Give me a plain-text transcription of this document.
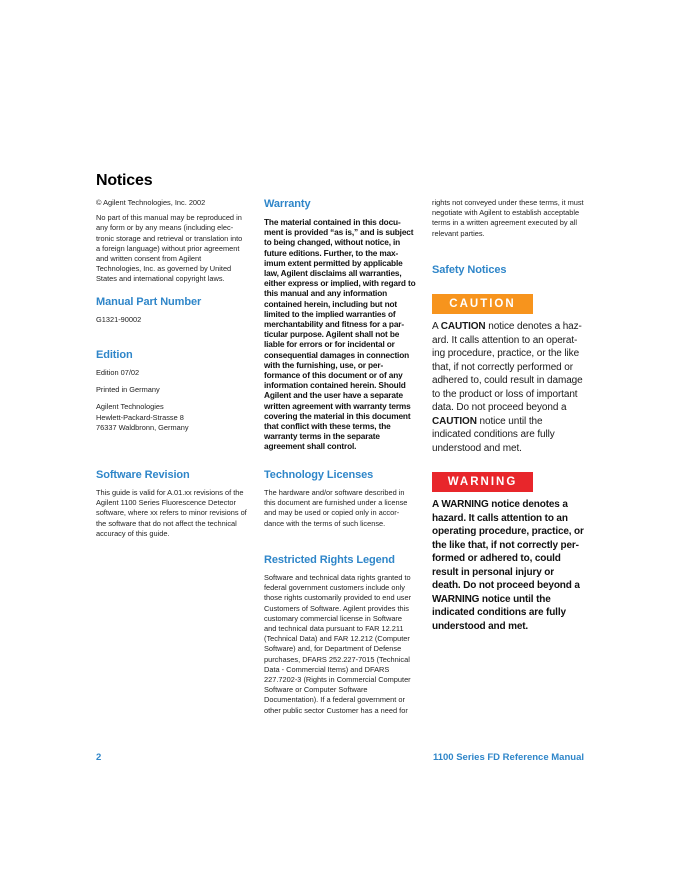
Notices

© Agilent Technologies, Inc. 2002

No part of this manual may be reproduced in any form or by any means (including electronic storage and retrieval or translation into a foreign language) without prior agreement and written consent from Agilent Technologies, Inc. as governed by United States and international copyright laws.

Manual Part Number

G1321-90002

Edition

Edition 07/02

Printed in Germany

Agilent Technologies

Hewlett-Packard-Strasse 8

76337 Waldbronn, Germany

Software Revision

This guide is valid for A.01.xx revisions of the Agilent 1100 Series Fluorescence Detector software, where xx refers to minor revisions of the software that do not affect the technical accuracy of this guide.

Warranty

The material contained in this document is provided “as is,” and is subject to being changed, without notice, in future editions. Further, to the maximum extent permitted by applicable law, Agilent disclaims all warranties, either express or implied, with regard to this manual and any information contained herein, including but not limited to the implied warranties of merchantability and fitness for a particular purpose. Agilent shall not be liable for errors or for incidental or consequential damages in connection with the furnishing, use, or performance of this document or of any information contained herein. Should Agilent and the user have a separate written agreement with warranty terms covering the material in this document that conflict with these terms, the warranty terms in the separate agreement shall control.

Technology Licenses

The hardware and/or software described in this document are furnished under a license and may be used or copied only in accordance with the terms of such license.

Restricted Rights Legend

Software and technical data rights granted to federal government customers include only those rights customarily provided to end user Customers of Software. Agilent provides this customary commercial license in Software and technical data pursuant to FAR 12.211 (Technical Data) and FAR 12.212 (Computer Software) and, for Department of Defense purchases, DFARS 252.227-7015 (Technical Data - Commercial Items) and DFARS 227.7202-3 (Rights in Commercial Computer Software or Computer Software Documentation). If a federal government or other public sector Customer has a need for

rights not conveyed under these terms, it must negotiate with Agilent to establish acceptable terms in a written agreement executed by all relevant parties.

Safety Notices
CAUTION

A CAUTION notice denotes a hazard. It calls attention to an operating procedure, practice, or the like that, if not correctly performed or adhered to, could result in damage to the product or loss of important data. Do not proceed beyond a CAUTION notice until the indicated conditions are fully understood and met.

WARNING

A WARNING notice denotes a hazard. It calls attention to an operating procedure, practice, or the like that, if not correctly performed or adhered to, could result in personal injury or death. Do not proceed beyond a WARNING notice until the indicated conditions are fully understood and met.

2	1100 Series FD Reference Manual
